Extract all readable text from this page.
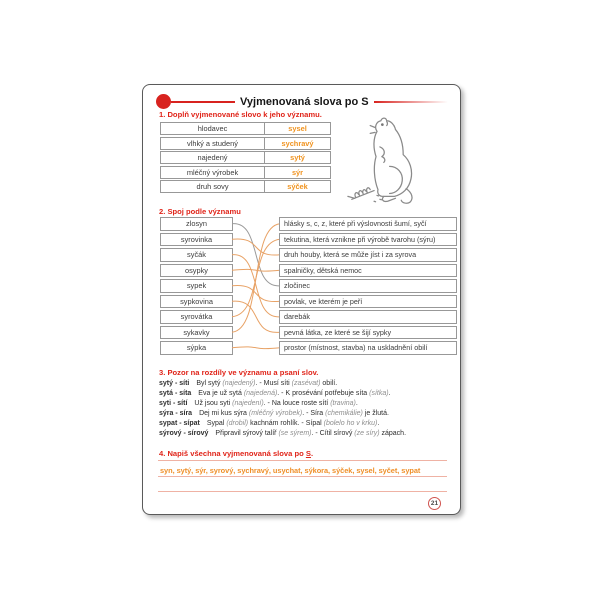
Vyjmenovaná slova po S
1. Doplň vyjmenované slovo k jeho významu.
hlodavec	sysel
vlhký a studený	sychravý
najedený	sytý
mléčný výrobek	sýr
druh sovy	sýček
2. Spoj podle významu
zlosyn
syrovinka
syčák
osypky
sypek
sypkovina
syrovátka
sykavky
sýpka
hlásky s, c, z, které při výslovnosti šumí, syčí
tekutina, která vznikne při výrobě tvarohu (sýru)
druh houby, která se může jíst i za syrova
spalničky, dětská nemoc
zločinec
povlak, ve kterém je peří
darebák
pevná látka, ze které se šijí sypky
prostor (místnost, stavba) na uskladnění obilí
3. Pozor na rozdíly ve významu a psaní slov.
sytý - síti Byl sytý (najedený). - Musí síti (zasévat) obilí.
sytá - síta Eva je už sytá (najedená). - K prosévání potřebuje síta (sítka).
syti - sítí Už jsou syti (najedení). - Na louce roste sítí (travina).
sýra - síra Dej mi kus sýra (mléčný výrobek). - Síra (chemikálie) je žlutá.
sypat - sípat Sypal (drobil) kachnám rohlík. - Sípal (bolelo ho v krku).
sýrový - sírový Připravil sýrový talíř (se sýrem). - Cítil sírový (ze síry) zápach.
4. Napiš všechna vyjmenovaná slova po S.
syn, sytý, sýr, syrový, sychravý, usychat, sýkora, sýček, sysel, syčet, sypat
21
